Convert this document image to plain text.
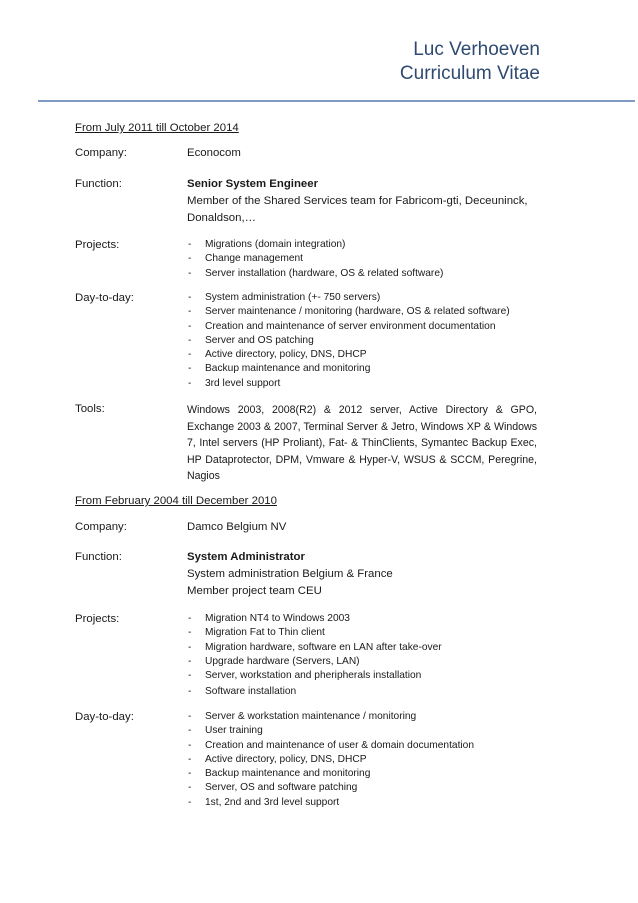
Luc Verhoeven
Curriculum Vitae
From July 2011 till October 2014
Company:	Econocom
Function:	Senior System Engineer
Member of the Shared Services team for Fabricom-gti, Deceuninck, Donaldson,…
Projects:	- Migrations (domain integration)
- Change management
- Server installation (hardware, OS & related software)
Day-to-day:	- System administration (+- 750 servers)
- Server maintenance / monitoring (hardware, OS & related software)
- Creation and maintenance of server environment documentation
- Server and OS patching
- Active directory, policy, DNS, DHCP
- Backup maintenance and monitoring
- 3rd level support
Tools:	Windows 2003, 2008(R2) & 2012 server, Active Directory & GPO, Exchange 2003 & 2007, Terminal Server & Jetro, Windows XP & Windows 7, Intel servers (HP Proliant), Fat- & ThinClients, Symantec Backup Exec, HP Dataprotector, DPM, Vmware & Hyper-V, WSUS & SCCM, Peregrine, Nagios
From February 2004 till December 2010
Company:	Damco Belgium NV
Function:	System Administrator
System administration Belgium & France
Member project team CEU
Projects:	- Migration NT4 to Windows 2003
- Migration Fat to Thin client
- Migration hardware, software en LAN after take-over
- Upgrade hardware (Servers, LAN)
- Server, workstation and pheripherals installation
- Software installation
Day-to-day:	- Server & workstation maintenance / monitoring
- User training
- Creation and maintenance of user & domain documentation
- Active directory, policy, DNS, DHCP
- Backup maintenance and monitoring
- Server, OS and software patching
- 1st, 2nd and 3rd level support
